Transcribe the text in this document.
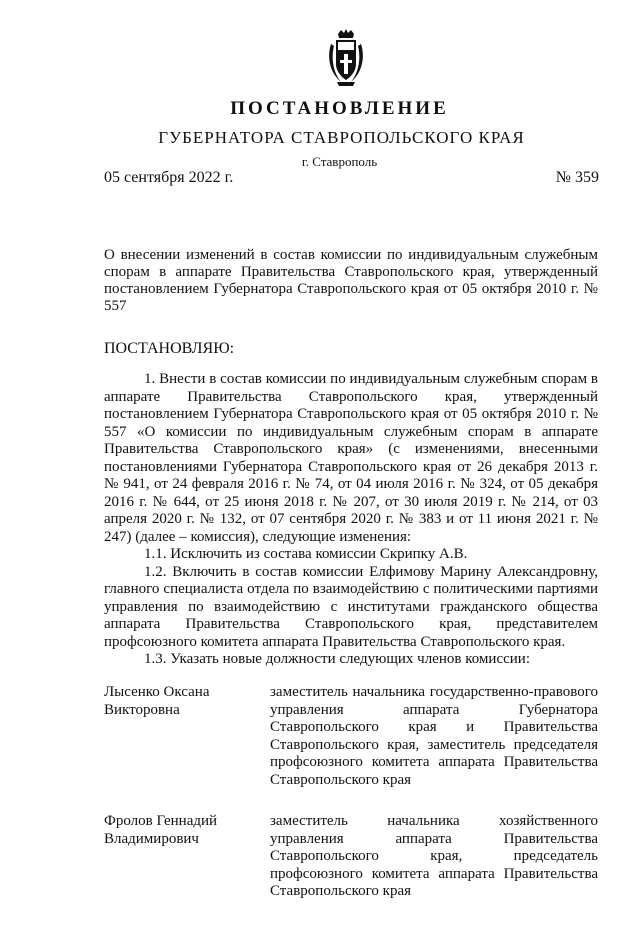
ПОСТАНОВЛЕНИЕ
ГУБЕРНАТОРА СТАВРОПОЛЬСКОГО КРАЯ
г. Ставрополь
05 сентября 2022 г.	№ 359
О внесении изменений в состав комиссии по индивидуальным служебным спорам в аппарате Правительства Ставропольского края, утвержденный постановлением Губернатора Ставропольского края от 05 октября 2010 г. № 557
ПОСТАНОВЛЯЮ:

1. Внести в состав комиссии по индивидуальным служебным спорам в аппарате Правительства Ставропольского края, утвержденный постановлением Губернатора Ставропольского края от 05 октября 2010 г. № 557 «О комиссии по индивидуальным служебным спорам в аппарате Правительства Ставропольского края» (с изменениями, внесенными постановлениями Губернатора Ставропольского края от 26 декабря 2013 г. № 941, от 24 февраля 2016 г. № 74, от 04 июля 2016 г. № 324, от 05 декабря 2016 г. № 644, от 25 июня 2018 г. № 207, от 30 июля 2019 г. № 214, от 03 апреля 2020 г. № 132, от 07 сентября 2020 г. № 383 и от 11 июня 2021 г. № 247) (далее – комиссия), следующие изменения:

1.1. Исключить из состава комиссии Скрипку А.В.

1.2. Включить в состав комиссии Елфимову Марину Александровну, главного специалиста отдела по взаимодействию с политическими партиями управления по взаимодействию с институтами гражданского общества аппарата Правительства Ставропольского края, представителем профсоюзного комитета аппарата Правительства Ставропольского края.

1.3. Указать новые должности следующих членов комиссии:

Лысенко Оксана Викторовна
заместитель начальника государственно-правового управления аппарата Губернатора Ставропольского края и Правительства Ставропольского края, заместитель председателя профсоюзного комитета аппарата Правительства Ставропольского края
Фролов Геннадий Владимирович
заместитель начальника хозяйственного управления аппарата Правительства Ставропольского края, председатель профсоюзного комитета аппарата Правительства Ставропольского края
